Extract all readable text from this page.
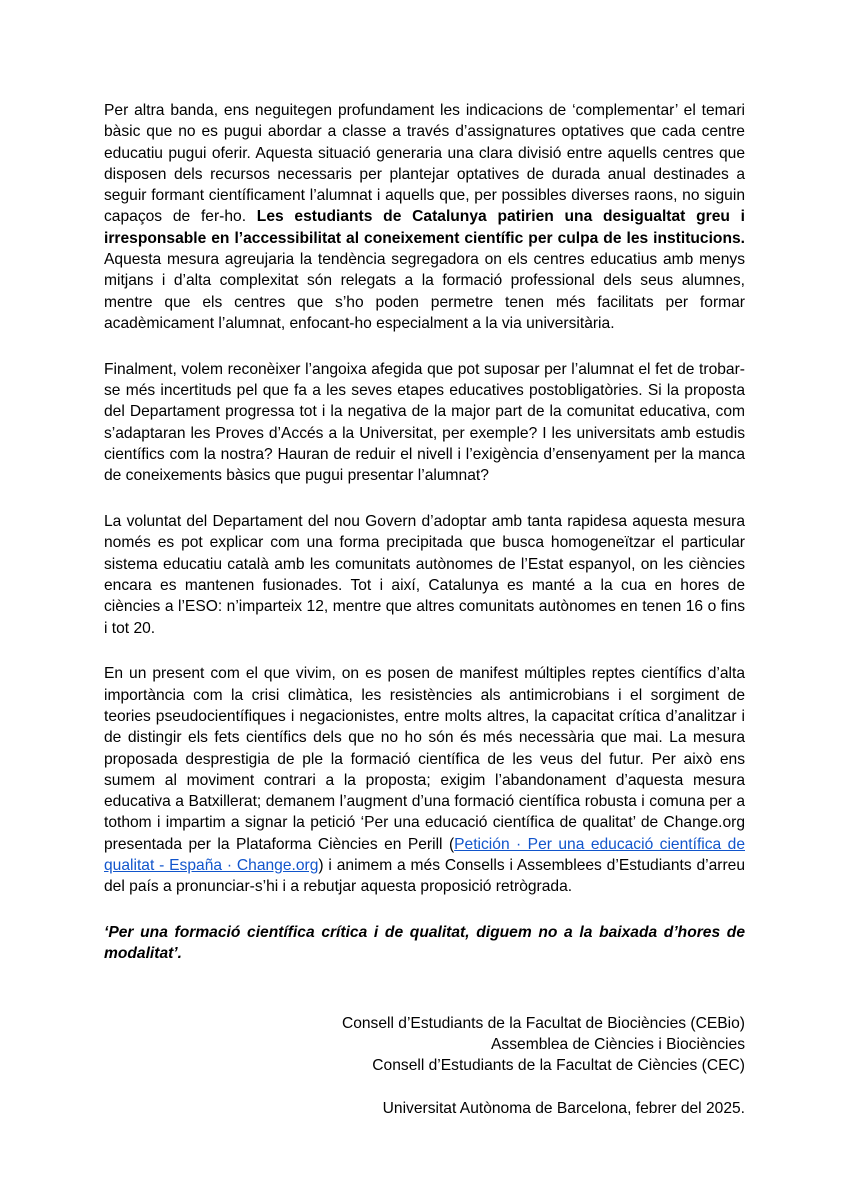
Per altra banda, ens neguitegen profundament les indicacions de ‘complementar’ el temari bàsic que no es pugui abordar a classe a través d’assignatures optatives que cada centre educatiu pugui oferir. Aquesta situació generaria una clara divisió entre aquells centres que disposen dels recursos necessaris per plantejar optatives de durada anual destinades a seguir formant científicament l’alumnat i aquells que, per possibles diverses raons, no siguin capaços de fer-ho. Les estudiants de Catalunya patirien una desigualtat greu i irresponsable en l’accessibilitat al coneixement científic per culpa de les institucions. Aquesta mesura agreujaria la tendència segregadora on els centres educatius amb menys mitjans i d’alta complexitat són relegats a la formació professional dels seus alumnes, mentre que els centres que s’ho poden permetre tenen més facilitats per formar acadèmicament l’alumnat, enfocant-ho especialment a la via universitària.

Finalment, volem reconèixer l’angoixa afegida que pot suposar per l’alumnat el fet de trobar-se més incertituds pel que fa a les seves etapes educatives postobligatòries. Si la proposta del Departament progressa tot i la negativa de la major part de la comunitat educativa, com s’adaptaran les Proves d’Accés a la Universitat, per exemple? I les universitats amb estudis científics com la nostra? Hauran de reduir el nivell i l’exigència d’ensenyament per la manca de coneixements bàsics que pugui presentar l’alumnat?

La voluntat del Departament del nou Govern d’adoptar amb tanta rapidesa aquesta mesura només es pot explicar com una forma precipitada que busca homogeneïtzar el particular sistema educatiu català amb les comunitats autònomes de l’Estat espanyol, on les ciències encara es mantenen fusionades. Tot i així, Catalunya es manté a la cua en hores de ciències a l’ESO: n’imparteix 12, mentre que altres comunitats autònomes en tenen 16 o fins i tot 20.

En un present com el que vivim, on es posen de manifest múltiples reptes científics d’alta importància com la crisi climàtica, les resistències als antimicrobians i el sorgiment de teories pseudocientífiques i negacionistes, entre molts altres, la capacitat crítica d’analitzar i de distingir els fets científics dels que no ho són és més necessària que mai. La mesura proposada desprestigia de ple la formació científica de les veus del futur. Per això ens sumem al moviment contrari a la proposta; exigim l’abandonament d’aquesta mesura educativa a Batxillerat; demanem l’augment d’una formació científica robusta i comuna per a tothom i impartim a signar la petició ‘Per una educació científica de qualitat’ de Change.org presentada per la Plataforma Ciències en Perill (Petición · Per una educació científica de qualitat - España · Change.org) i animem a més Consells i Assemblees d’Estudiants d’arreu del país a pronunciar-s’hi i a rebutjar aquesta proposició retrògrada.

‘Per una formació científica crítica i de qualitat, diguem no a la baixada d’hores de modalitat’.

Consell d’Estudiants de la Facultat de Biociències (CEBio)
Assemblea de Ciències i Biociències
Consell d’Estudiants de la Facultat de Ciències (CEC)
Universitat Autònoma de Barcelona, febrer del 2025.
